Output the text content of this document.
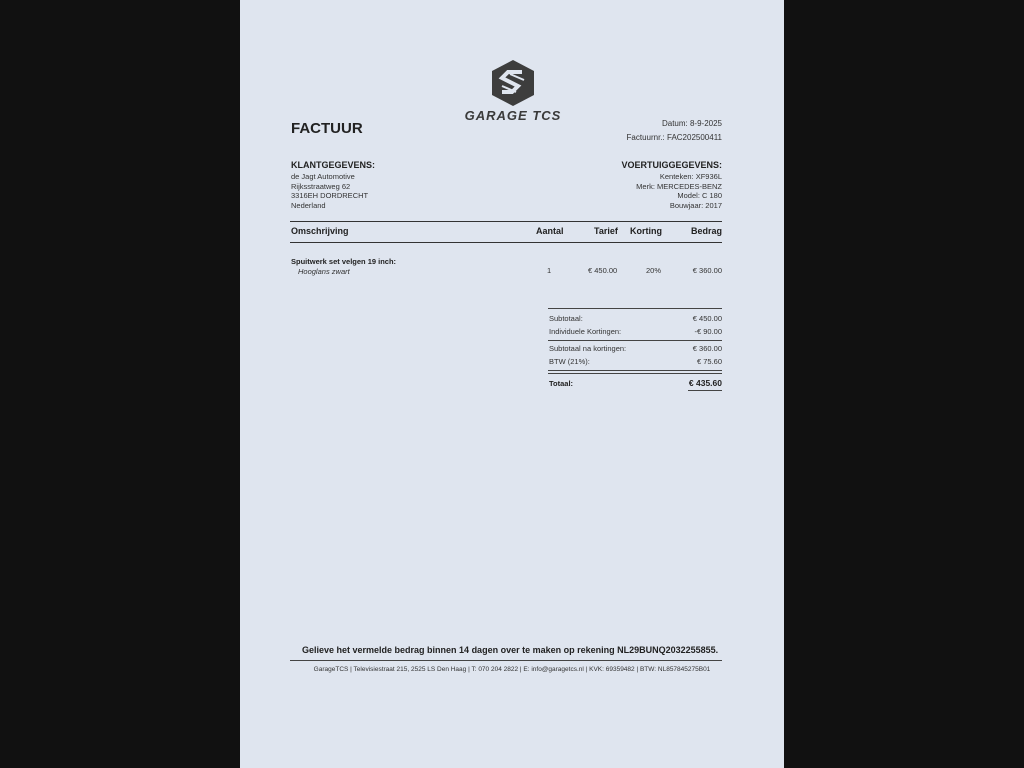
GARAGE TCS
FACTUUR	Datum: 8-9-2025
Factuurnr.: FAC202500411
KLANTGEGEVENS:
de Jagt Automotive
Rijksstraatweg 62
3316EH DORDRECHT
Nederland
VOERTUIGGEGEVENS:
Kenteken: XF936L
Merk: MERCEDES-BENZ
Model: C 180
Bouwjaar: 2017
Omschrijving	Aantal	Tarief Korting	Bedrag
Spuitwerk set velgen 19 inch:
Hooglans zwart	1	€ 450.00	20%	€ 360.00
Subtotaal:	€ 450.00
Individuele Kortingen:	-€ 90.00
Subtotaal na kortingen:	€ 360.00
BTW (21%):	€ 75.60
Totaal:	€ 435.60
Gelieve het vermelde bedrag binnen 14 dagen over te maken op rekening NL29BUNQ2032255855.
GarageTCS | Televisiestraat 215, 2525 LS Den Haag | T: 070 204 2822 | E: info@garagetcs.nl | KVK: 69359482 | BTW: NL857845275B01
